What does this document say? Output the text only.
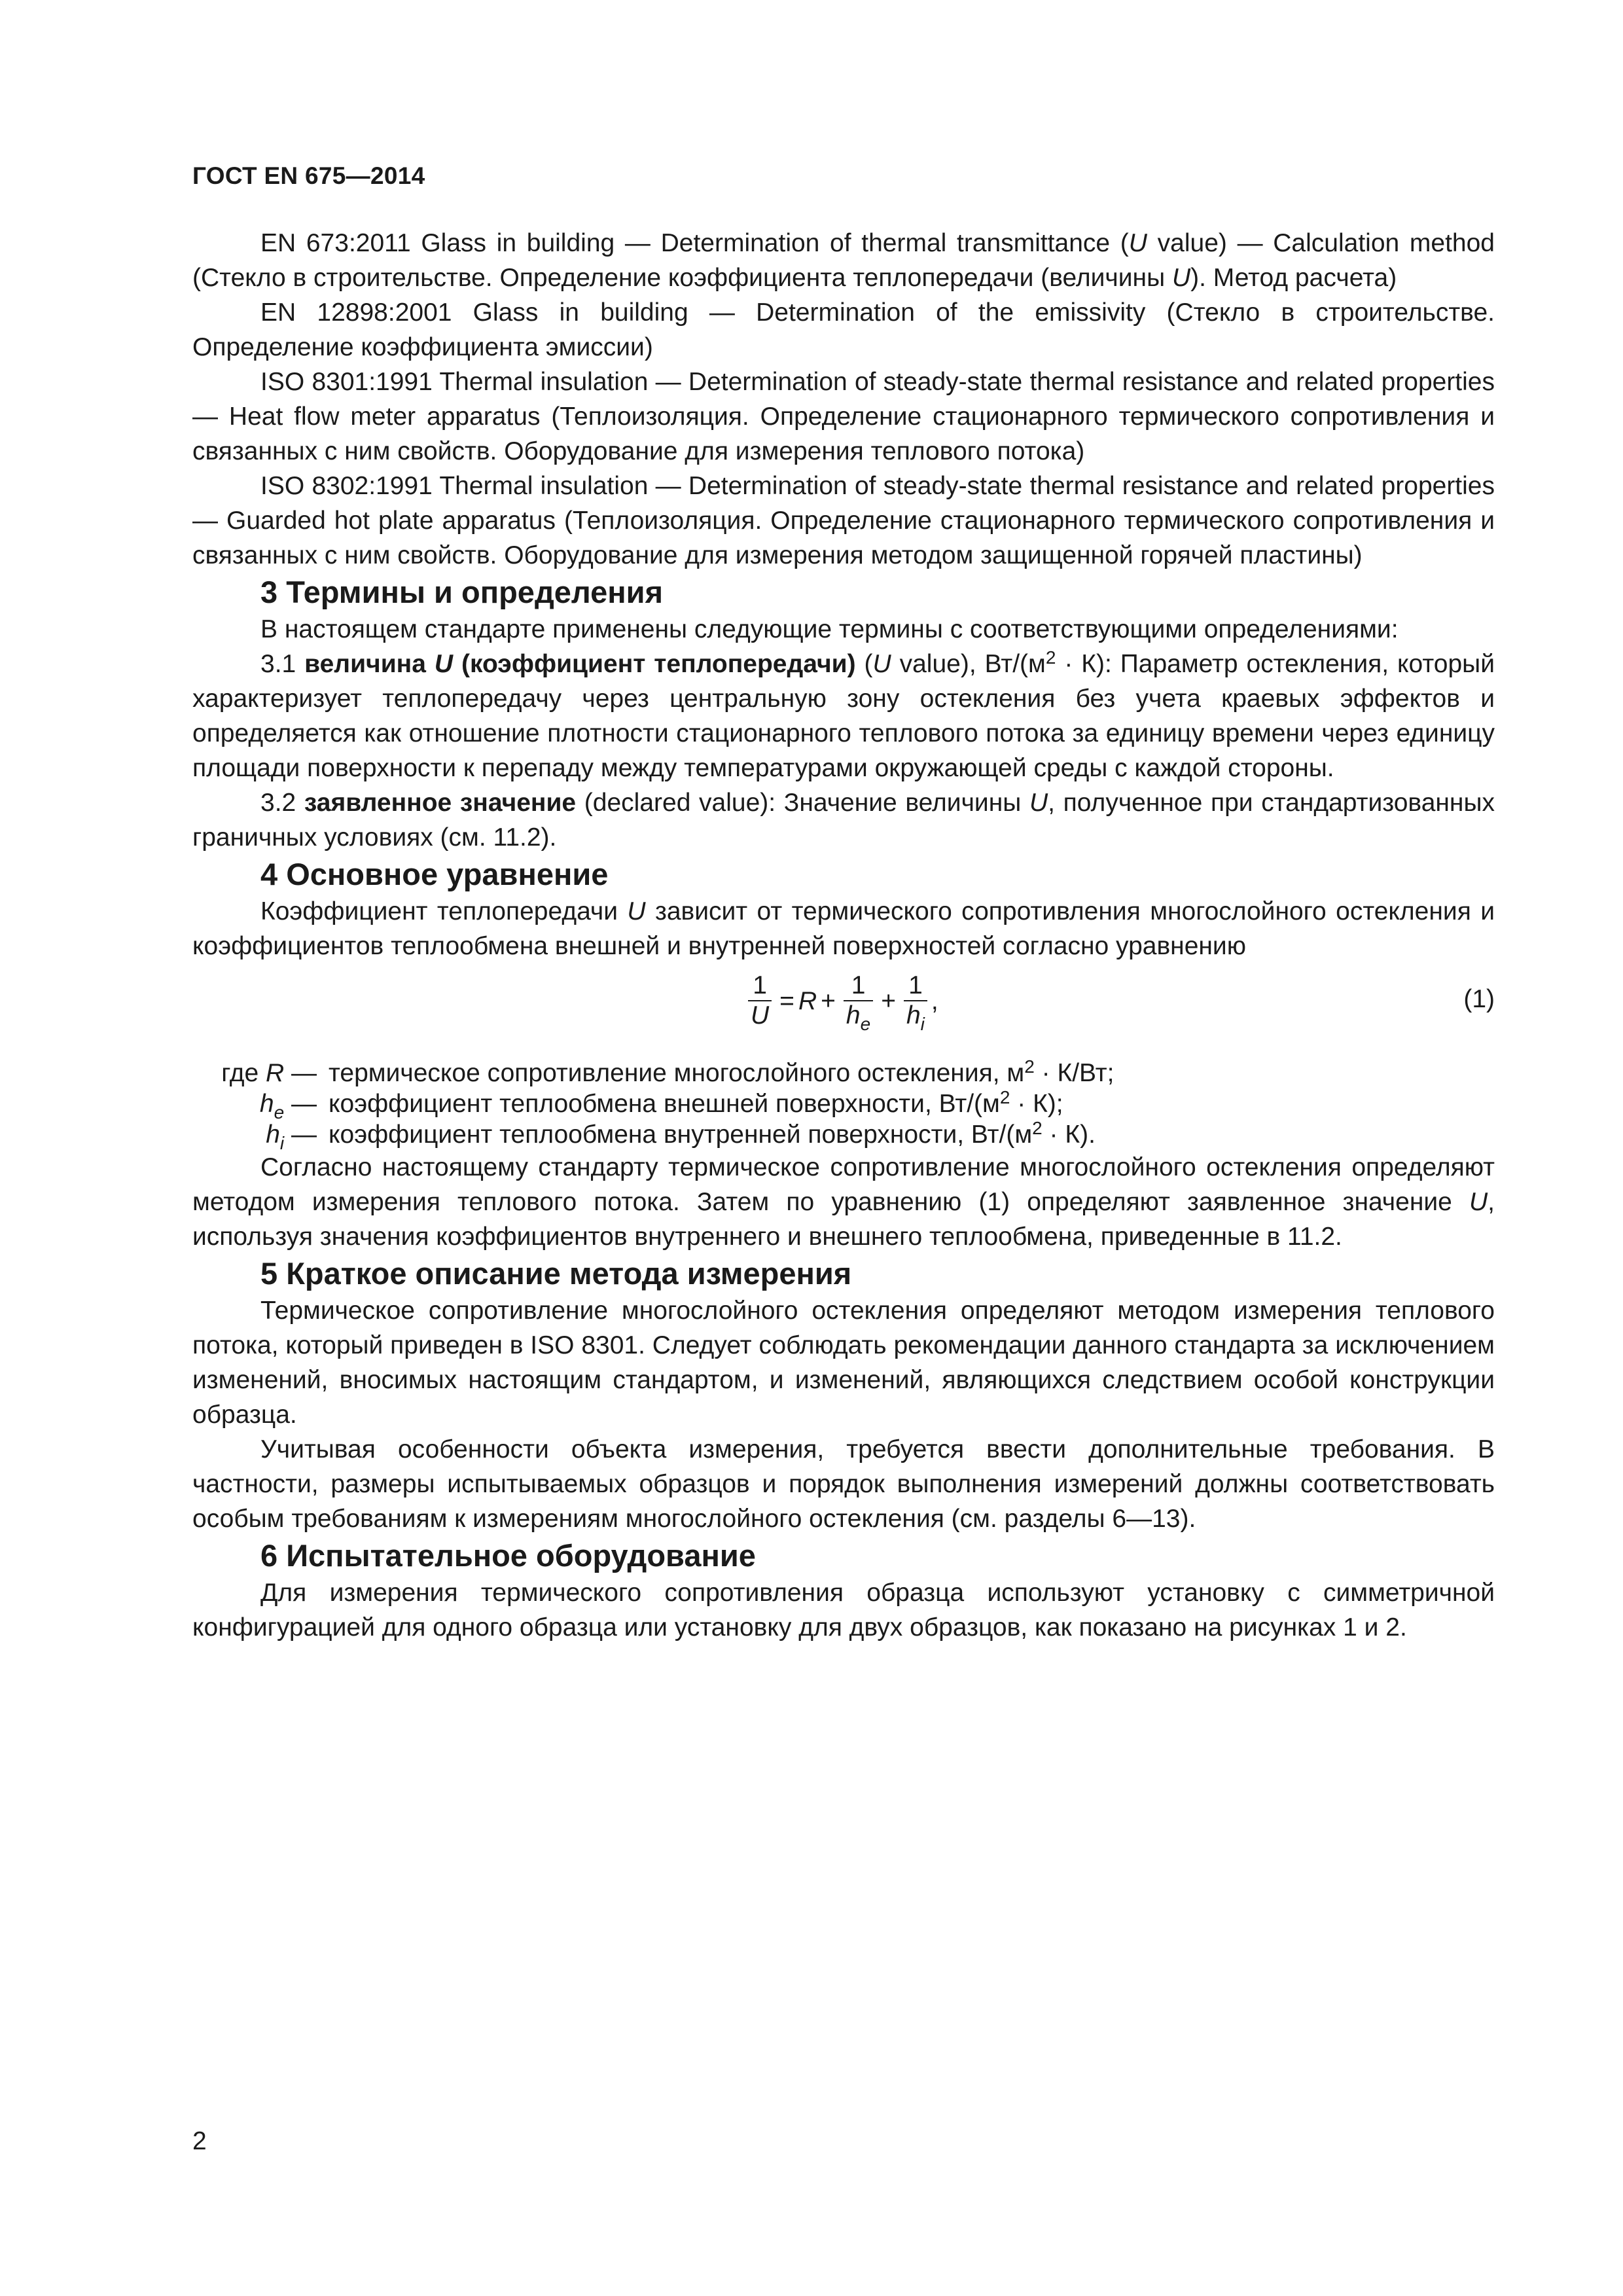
ГОСТ EN 675—2014

EN 673:2011 Glass in building — Determination of thermal transmittance (U value) — Calculation method (Стекло в строительстве. Определение коэффициента теплопередачи (величины U). Метод расчета)

EN 12898:2001 Glass in building — Determination of the emissivity (Стекло в строительстве. Определение коэффициента эмиссии)

ISO 8301:1991 Thermal insulation — Determination of steady-state thermal resistance and related properties — Heat flow meter apparatus (Теплоизоляция. Определение стационарного термического сопротивления и связанных с ним свойств. Оборудование для измерения теплового потока)

ISO 8302:1991 Thermal insulation — Determination of steady-state thermal resistance and related properties — Guarded hot plate apparatus (Теплоизоляция. Определение стационарного термического сопротивления и связанных с ним свойств. Оборудование для измерения методом защищенной горячей пластины)

3 Термины и определения

В настоящем стандарте применены следующие термины с соответствующими определениями:

3.1 величина U (коэффициент теплопередачи) (U value), $Вт/(м^2 \cdot К)$: Параметр остекления, который характеризует теплопередачу через центральную зону остекления без учета краевых эффектов и определяется как отношение плотности стационарного теплового потока за единицу времени через единицу площади поверхности к перепаду между температурами окружающей среды с каждой стороны.

3.2 заявленное значение (declared value): Значение величины U, полученное при стандартизованных граничных условиях (см. 11.2).

4 Основное уравнение

Коэффициент теплопередачи U зависит от термического сопротивления многослойного остекления и коэффициентов теплообмена внешней и внутренней поверхностей согласно уравнению

$\frac{1}{U} = R + \frac{1}{h_e} + \frac{1}{h_i}$ ,	(1)
где R — термическое сопротивление многослойного остекления, $м^2 \cdot К/Вт$;
$h_e$ — коэффициент теплообмена внешней поверхности, $Вт/(м^2 \cdot К)$;
$h_i$ — коэффициент теплообмена внутренней поверхности, $Вт/(м^2 \cdot К)$.

Согласно настоящему стандарту термическое сопротивление многослойного остекления определяют методом измерения теплового потока. Затем по уравнению (1) определяют заявленное значение U, используя значения коэффициентов внутреннего и внешнего теплообмена, приведенные в 11.2.

5 Краткое описание метода измерения

Термическое сопротивление многослойного остекления определяют методом измерения теплового потока, который приведен в ISO 8301. Следует соблюдать рекомендации данного стандарта за исключением изменений, вносимых настоящим стандартом, и изменений, являющихся следствием особой конструкции образца.

Учитывая особенности объекта измерения, требуется ввести дополнительные требования. В частности, размеры испытываемых образцов и порядок выполнения измерений должны соответствовать особым требованиям к измерениям многослойного остекления (см. разделы 6—13).

6 Испытательное оборудование

Для измерения термического сопротивления образца используют установку с симметричной конфигурацией для одного образца или установку для двух образцов, как показано на рисунках 1 и 2.

2
